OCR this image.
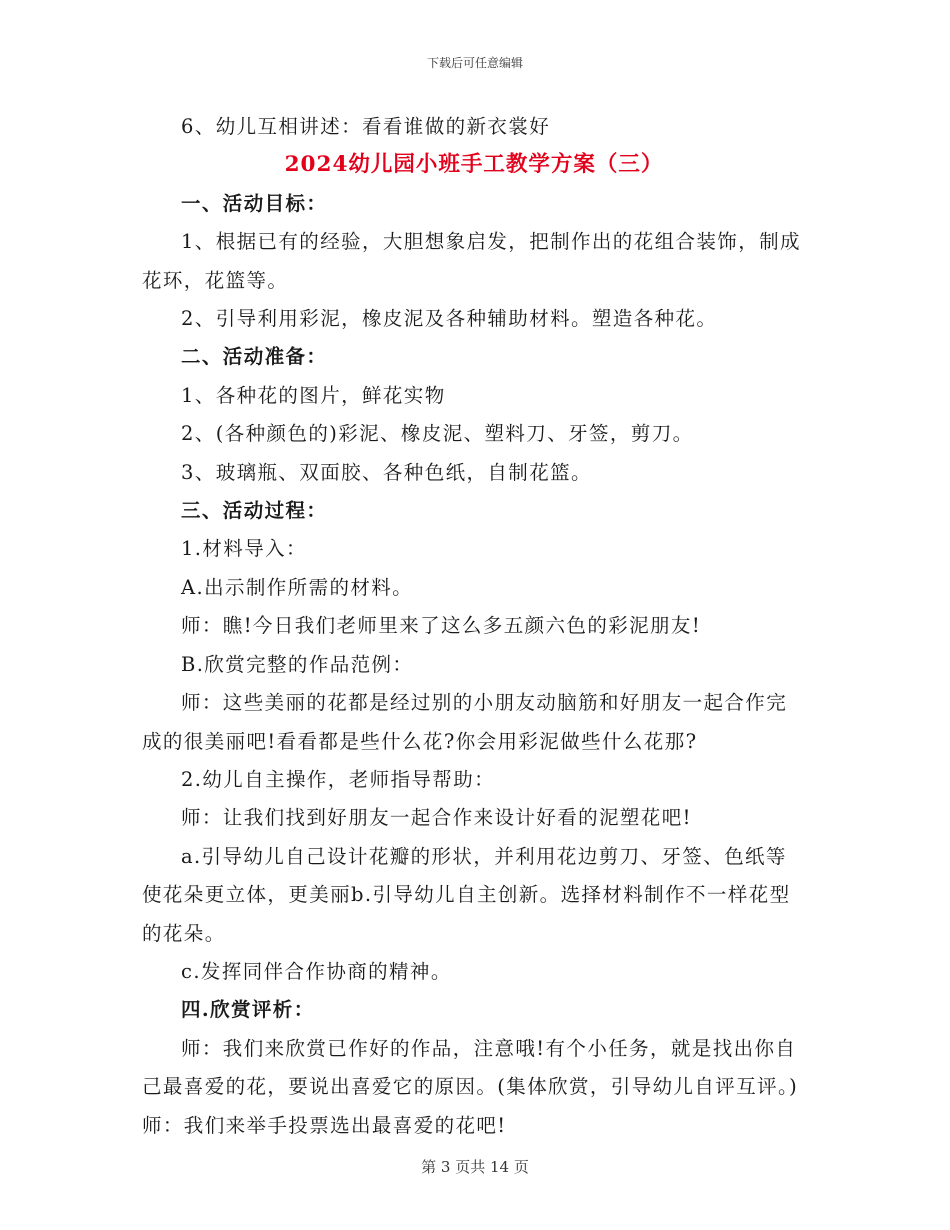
下载后可任意编辑

6、幼儿互相讲述：看看谁做的新衣裳好

2024幼儿园小班手工教学方案（三）

一、活动目标：

1、根据已有的经验，大胆想象启发，把制作出的花组合装饰，制成花环，花篮等。

2、引导利用彩泥，橡皮泥及各种辅助材料。塑造各种花。

二、活动准备：

1、各种花的图片，鲜花实物

2、(各种颜色的)彩泥、橡皮泥、塑料刀、牙签，剪刀。

3、玻璃瓶、双面胶、各种色纸，自制花篮。

三、活动过程：

1.材料导入：

A.出示制作所需的材料。

师：瞧!今日我们老师里来了这么多五颜六色的彩泥朋友!

B.欣赏完整的作品范例：

师：这些美丽的花都是经过别的小朋友动脑筋和好朋友一起合作完成的很美丽吧!看看都是些什么花?你会用彩泥做些什么花那?

2.幼儿自主操作，老师指导帮助：

师：让我们找到好朋友一起合作来设计好看的泥塑花吧!

a.引导幼儿自己设计花瓣的形状，并利用花边剪刀、牙签、色纸等使花朵更立体，更美丽b.引导幼儿自主创新。选择材料制作不一样花型的花朵。

c.发挥同伴合作协商的精神。

四.欣赏评析：

师：我们来欣赏已作好的作品，注意哦!有个小任务，就是找出你自己最喜爱的花，要说出喜爱它的原因。(集体欣赏，引导幼儿自评互评。)师：我们来举手投票选出最喜爱的花吧!

第 3 页共 14 页
